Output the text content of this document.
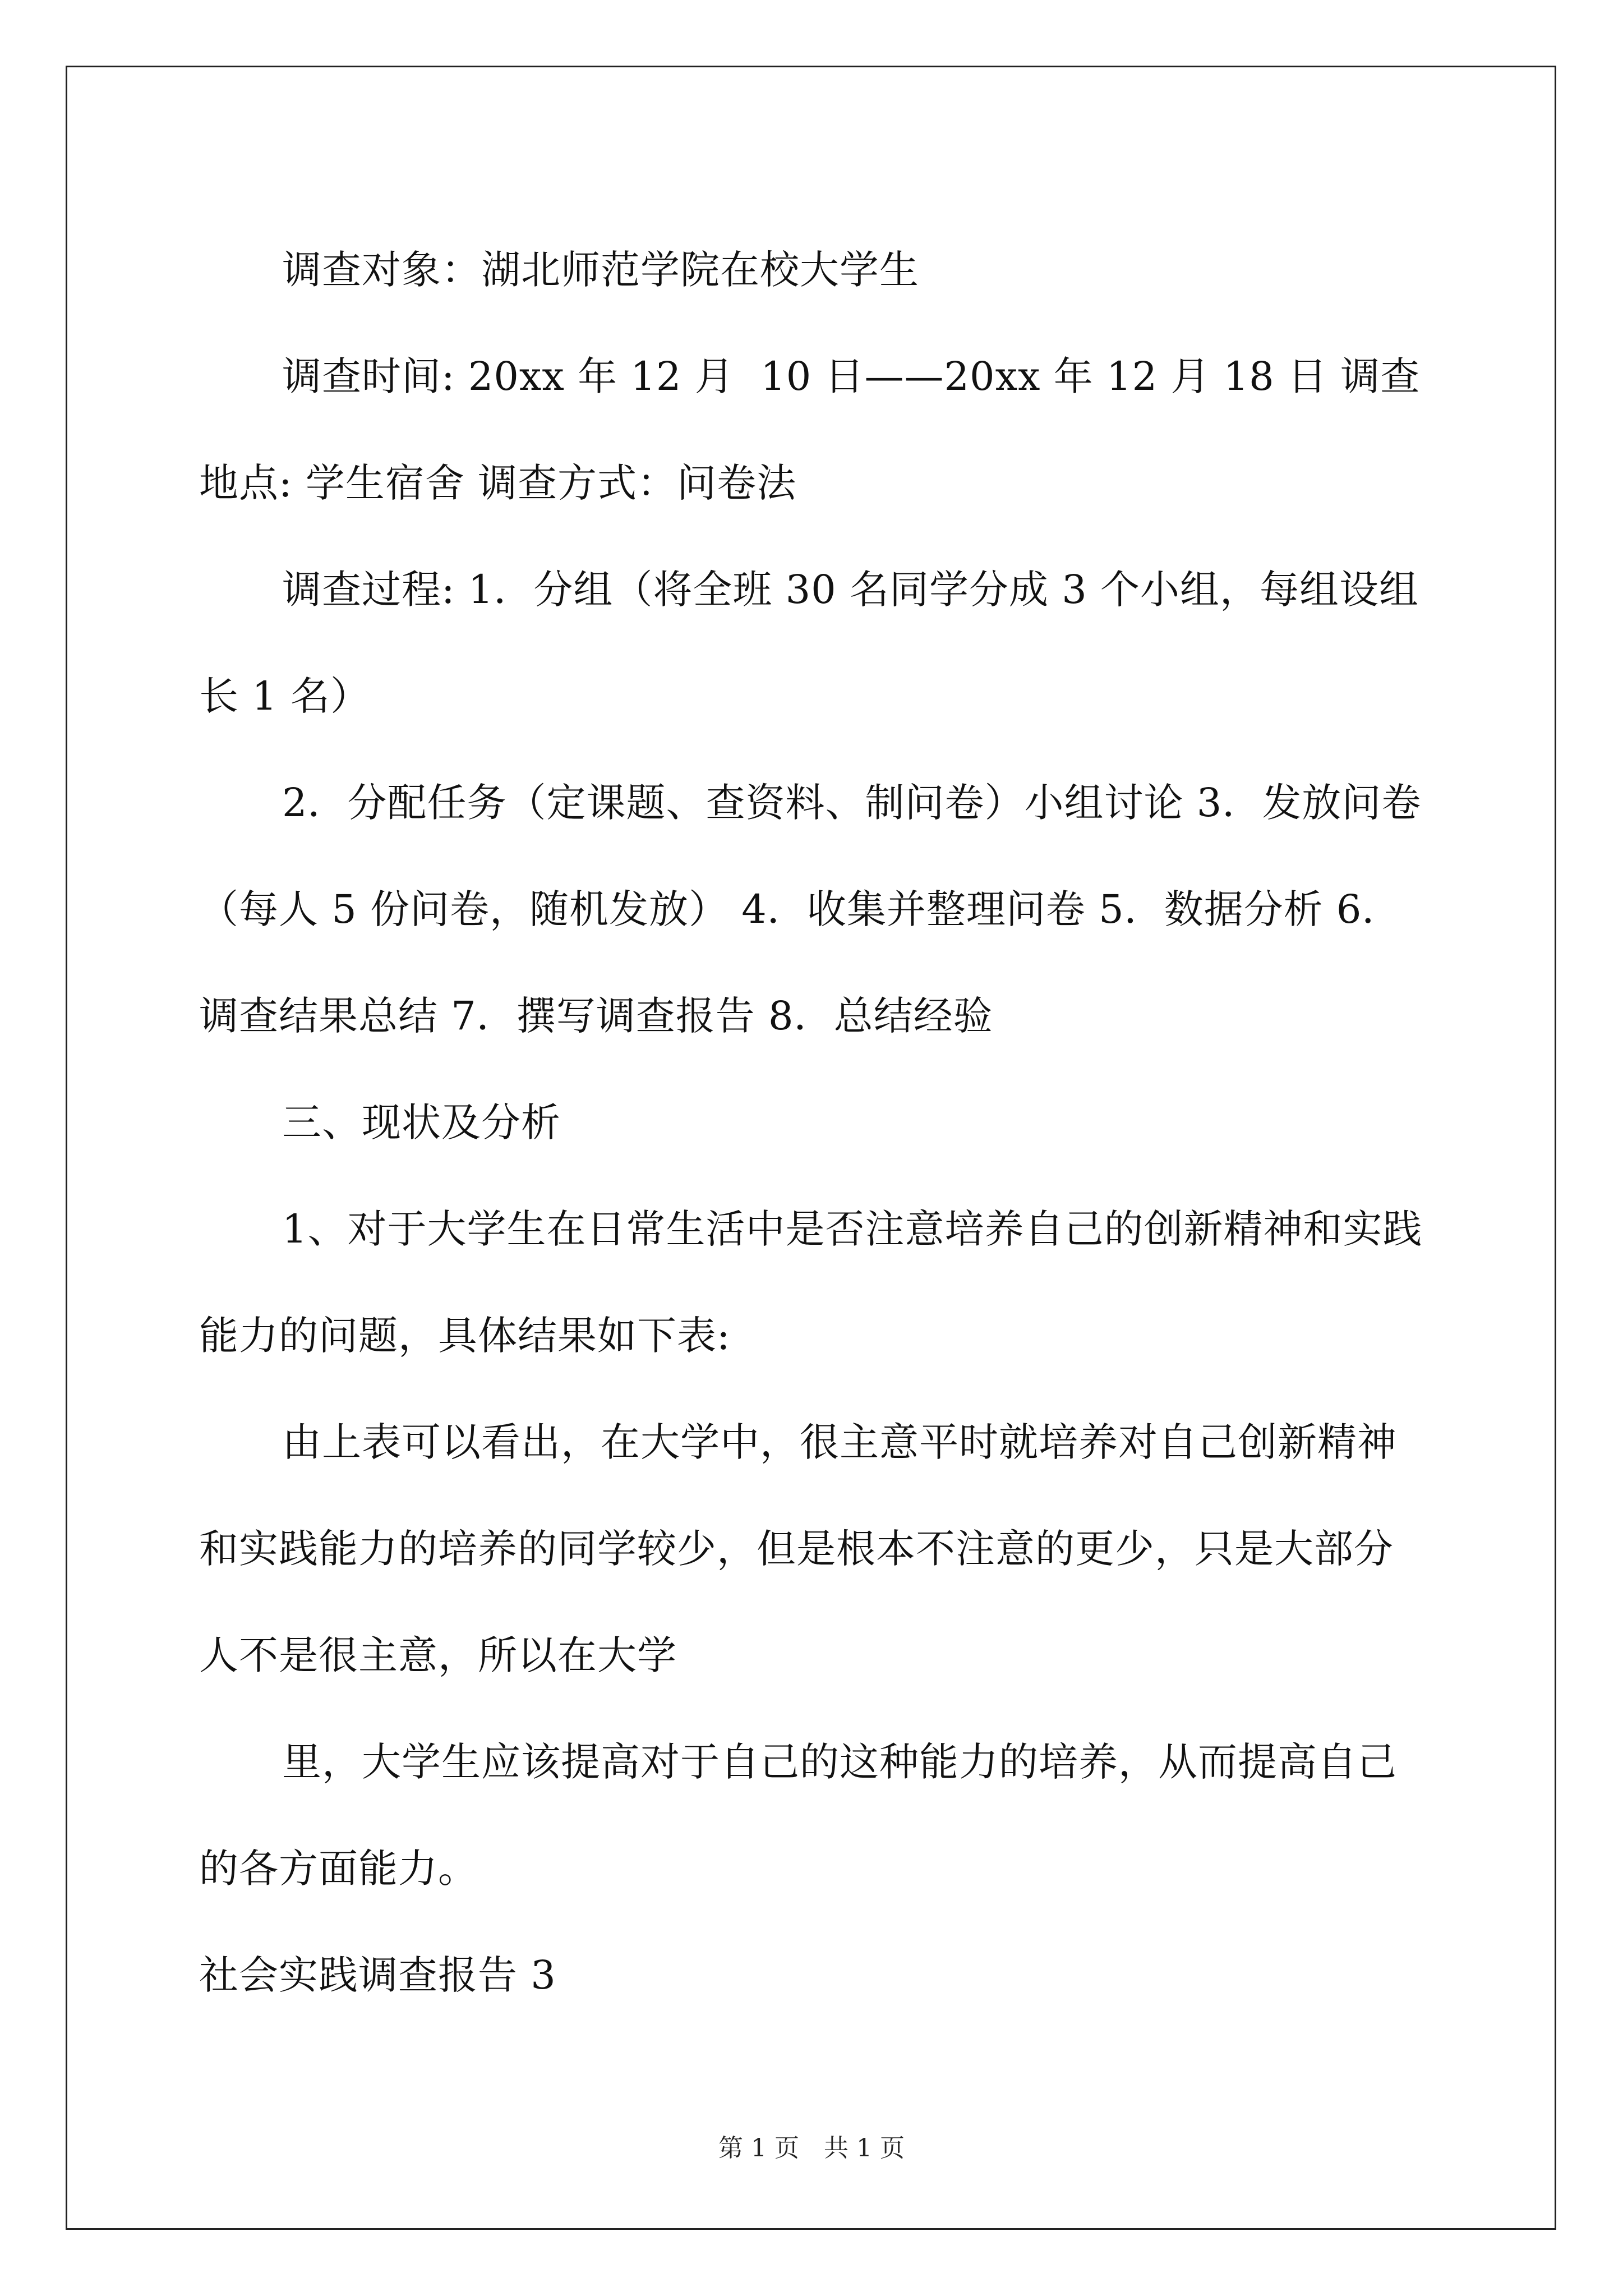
调查对象：湖北师范学院在校大学生

调查时间: 20xx 年 12 月  10 日——20xx 年 12 月 18 日 调查地点: 学生宿舍 调查方式：问卷法

调查过程: 1．分组（将全班 30 名同学分成 3 个小组，每组设组长 1 名）

2．分配任务（定课题、查资料、制问卷）小组讨论 3．发放问卷（每人 5 份问卷，随机发放） 4．收集并整理问卷 5．数据分析 6．调查结果总结 7．撰写调查报告 8．总结经验

三、现状及分析

1、对于大学生在日常生活中是否注意培养自己的创新精神和实践能力的问题，具体结果如下表:

由上表可以看出，在大学中，很主意平时就培养对自己创新精神和实践能力的培养的同学较少，但是根本不注意的更少，只是大部分人不是很主意，所以在大学

里，大学生应该提高对于自己的这种能力的培养，从而提高自己的各方面能力。

社会实践调查报告 3

第 1 页　共 1 页
